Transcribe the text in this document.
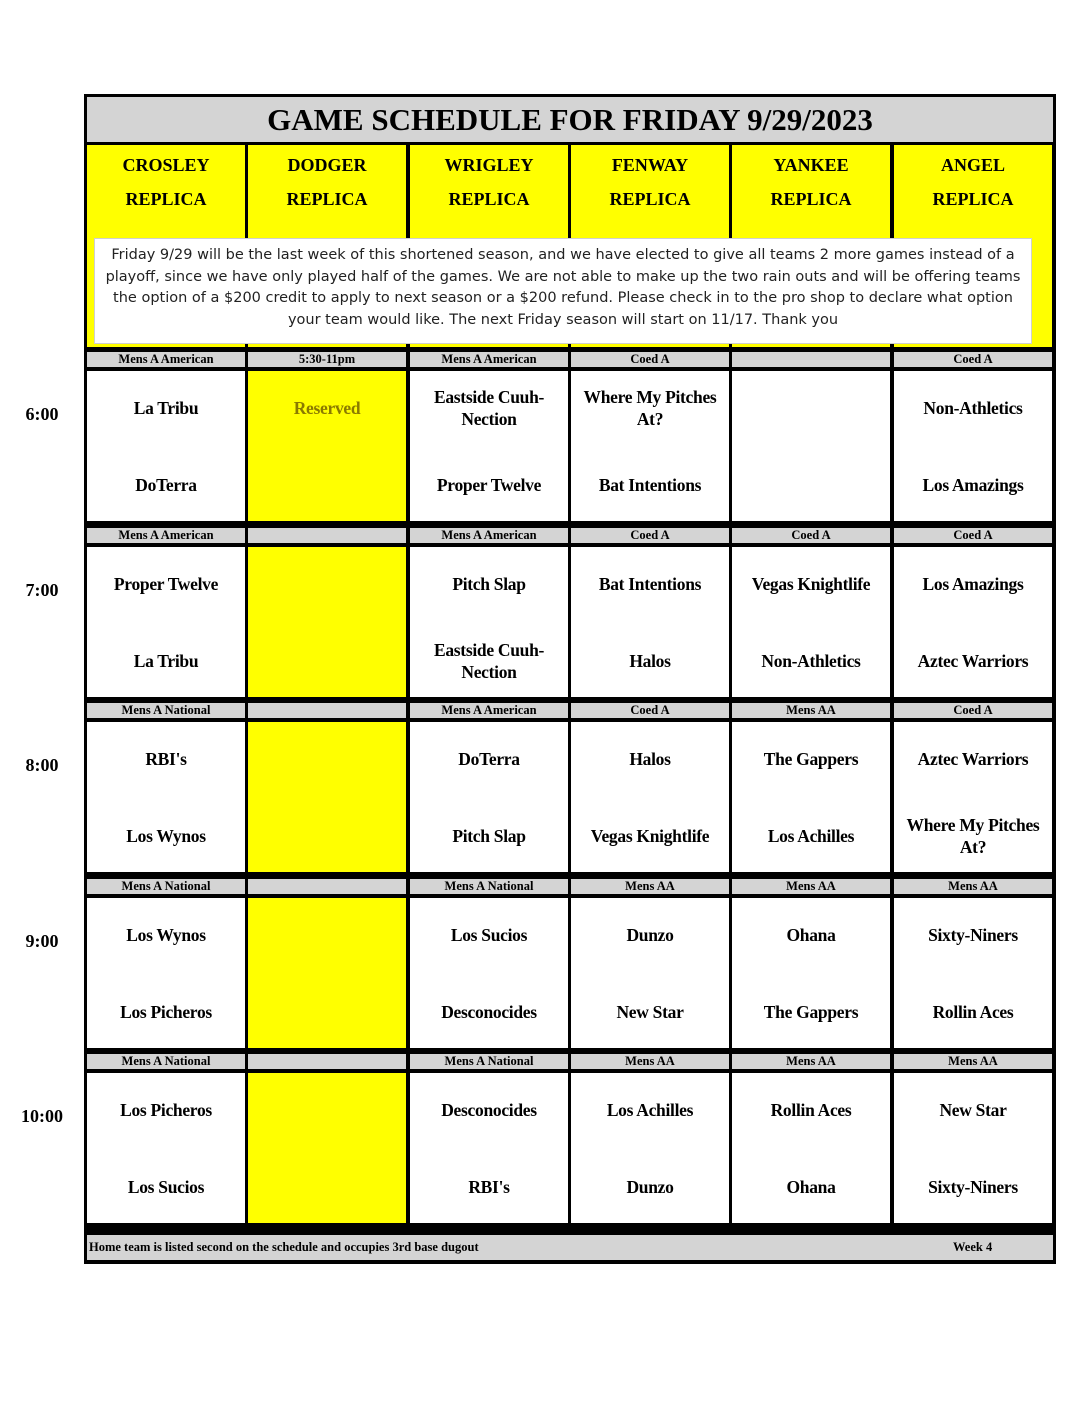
GAME SCHEDULE FOR FRIDAY 9/29/2023
CROSLEY
REPLICA
DODGER
REPLICA
WRIGLEY
REPLICA
FENWAY
REPLICA
YANKEE
REPLICA
ANGEL
REPLICA
Friday 9/29 will be the last week of this shortened season, and we have elected to give all teams 2 more games instead of a playoff, since we have only played half of the games. We are not able to make up the two rain outs and will be offering teams the option of a $200 credit to apply to next season or a $200 refund. Please check in to the pro shop to declare what option your team would like. The next Friday season will start on 11/17. Thank you
Mens A American
La Tribu
DoTerra
5:30-11pm
Reserved
Mens A American
Eastside Cuuh-Nection
Proper Twelve
Coed A
Where My Pitches At?
Bat Intentions
Coed A
Non-Athletics
Los Amazings
Mens A American
Proper Twelve
La Tribu
Mens A American
Pitch Slap
Eastside Cuuh-Nection
Coed A
Bat Intentions
Halos
Coed A
Vegas Knightlife
Non-Athletics
Coed A
Los Amazings
Aztec Warriors
Mens A National
RBI's
Los Wynos
Mens A American
DoTerra
Pitch Slap
Coed A
Halos
Vegas Knightlife
Mens AA
The Gappers
Los Achilles
Coed A
Aztec Warriors
Where My Pitches At?
Mens A National
Los Wynos
Los Picheros
Mens A National
Los Sucios
Desconocides
Mens AA
Dunzo
New Star
Mens AA
Ohana
The Gappers
Mens AA
Sixty-Niners
Rollin Aces
Mens A National
Los Picheros
Los Sucios
Mens A National
Desconocides
RBI's
Mens AA
Los Achilles
Dunzo
Mens AA
Rollin Aces
Ohana
Mens AA
New Star
Sixty-Niners
Home team is listed second on the schedule and occupies 3rd base dugout	Week 4
6:00
7:00
8:00
9:00
10:00
